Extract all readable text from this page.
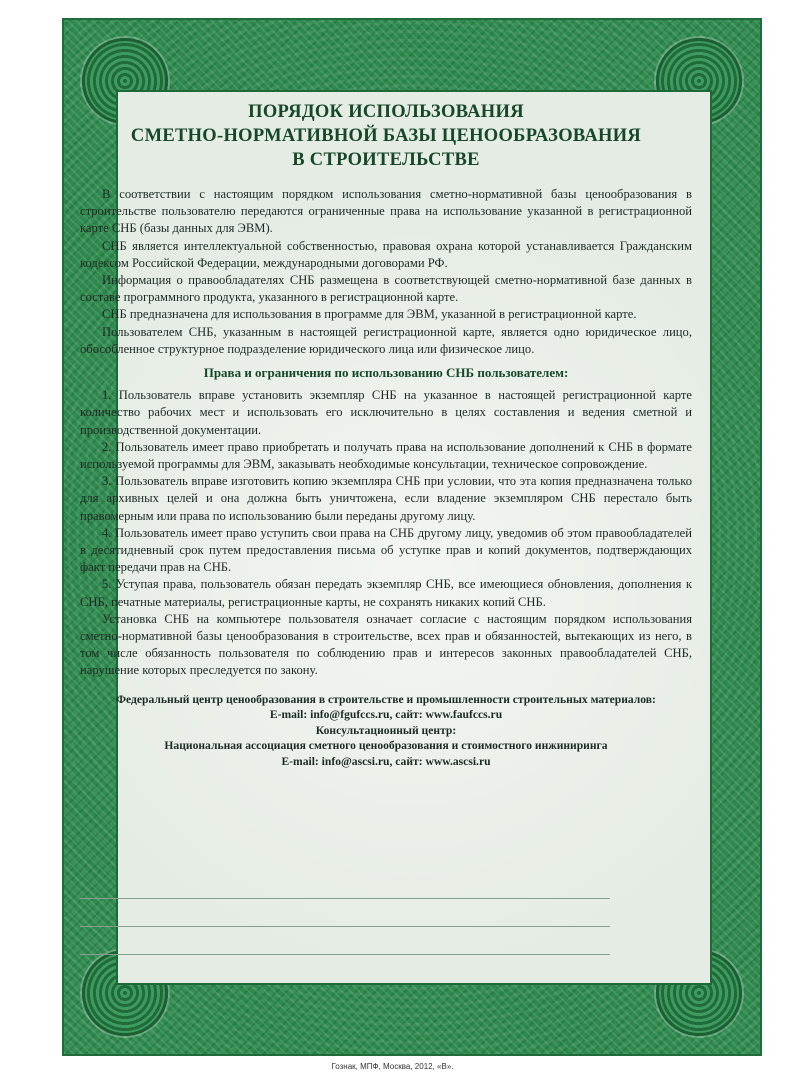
ПОРЯДОК ИСПОЛЬЗОВАНИЯ
СМЕТНО-НОРМАТИВНОЙ БАЗЫ ЦЕНООБРАЗОВАНИЯ
В СТРОИТЕЛЬСТВЕ

В соответствии с настоящим порядком использования сметно-нормативной базы ценообразования в строительстве пользователю передаются ограниченные права на использование указанной в регистрационной карте СНБ (базы данных для ЭВМ).

СНБ является интеллектуальной собственностью, правовая охрана которой устанавливается Гражданским кодексом Российской Федерации, международными договорами РФ.

Информация о правообладателях СНБ размещена в соответствующей сметно-нормативной базе данных в составе программного продукта, указанного в регистрационной карте.

СНБ предназначена для использования в программе для ЭВМ, указанной в регистрационной карте.

Пользователем СНБ, указанным в настоящей регистрационной карте, является одно юридическое лицо, обособленное структурное подразделение юридического лица или физическое лицо.

Права и ограничения по использованию СНБ пользователем:

1. Пользователь вправе установить экземпляр СНБ на указанное в настоящей регистрационной карте количество рабочих мест и использовать его исключительно в целях составления и ведения сметной и производственной документации.

2. Пользователь имеет право приобретать и получать права на использование дополнений к СНБ в формате используемой программы для ЭВМ, заказывать необходимые консультации, техническое сопровождение.

3. Пользователь вправе изготовить копию экземпляра СНБ при условии, что эта копия предназначена только для архивных целей и она должна быть уничтожена, если владение экземпляром СНБ перестало быть правомерным или права по использованию были переданы другому лицу.

4. Пользователь имеет право уступить свои права на СНБ другому лицу, уведомив об этом правообладателей в десятидневный срок путем предоставления письма об уступке прав и копий документов, подтверждающих факт передачи прав на СНБ.

5. Уступая права, пользователь обязан передать экземпляр СНБ, все имеющиеся обновления, дополнения к СНБ, печатные материалы, регистрационные карты, не сохранять никаких копий СНБ.

Установка СНБ на компьютере пользователя означает согласие с настоящим порядком использования сметно-нормативной базы ценообразования в строительстве, всех прав и обязанностей, вытекающих из него, в том числе обязанность пользователя по соблюдению прав и интересов законных правообладателей СНБ, нарушение которых преследуется по закону.

Федеральный центр ценообразования в строительстве и промышленности строительных материалов:
E-mail: info@fgufccs.ru, сайт: www.faufccs.ru
Консультационный центр:
Национальная ассоциация сметного ценообразования и стоимостного инжиниринга
E-mail: info@ascsi.ru, сайт: www.ascsi.ru
Гознак, МПФ, Москва, 2012, «В».
